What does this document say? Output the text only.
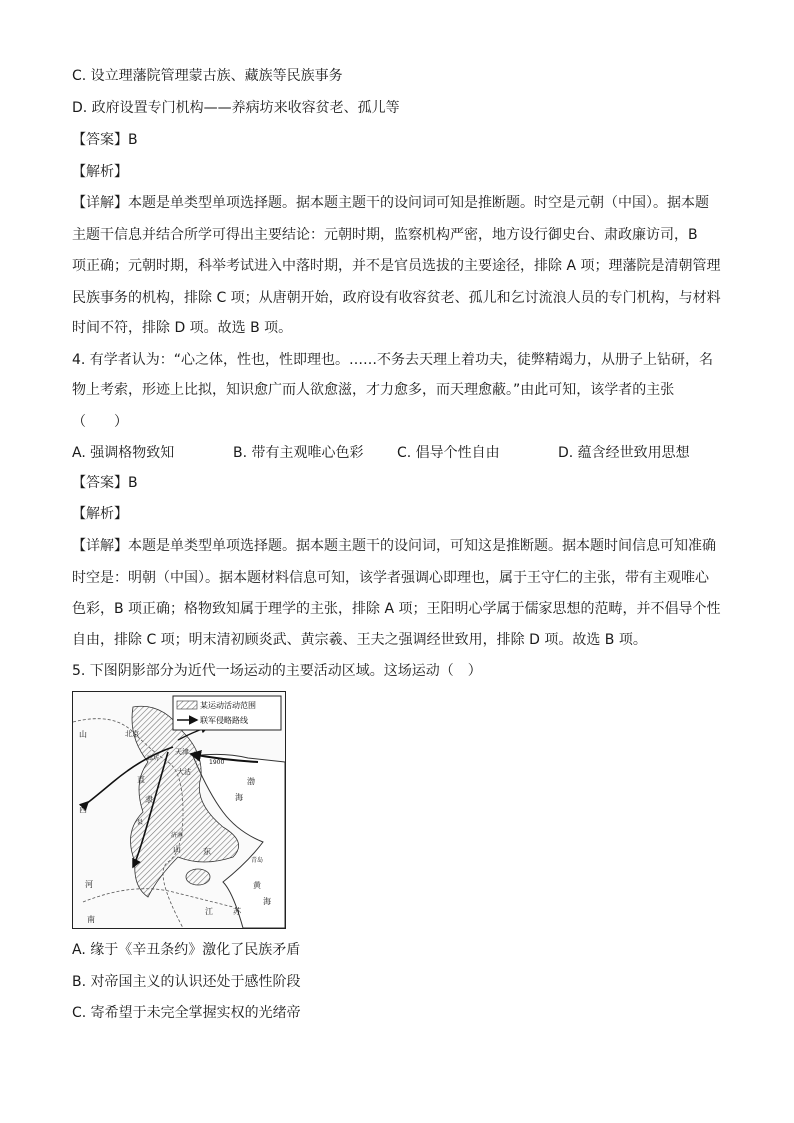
C. 设立理藩院管理蒙古族、藏族等民族事务
D. 政府设置专门机构——养病坊来收容贫老、孤儿等
【答案】B
【解析】
【详解】本题是单类型单项选择题。据本题主题干的设问词可知是推断题。时空是元朝（中国）。据本题
主题干信息并结合所学可得出主要结论：元朝时期，监察机构严密，地方设行御史台、肃政廉访司，B
项正确；元朝时期，科举考试进入中落时期，并不是官员选拔的主要途径，排除 A 项；理藩院是清朝管理
民族事务的机构，排除 C 项；从唐朝开始，政府设有收容贫老、孤儿和乞讨流浪人员的专门机构，与材料
时间不符，排除 D 项。故选 B 项。
4. 有学者认为：“心之体，性也，性即理也。……不务去天理上着功夫，徒弊精竭力，从册子上钻研，名
物上考索，形迹上比拟，知识愈广而人欲愈滋，才力愈多，而天理愈蔽。”由此可知，该学者的主张
（　　）
A. 强调格物致知	B. 带有主观唯心色彩 C. 倡导个性自由	D. 蕴含经世致用思想
【答案】B
【解析】
【详解】本题是单类型单项选择题。据本题主题干的设问词，可知这是推断题。据本题时间信息可知准确
时空是：明朝（中国）。据本题材料信息可知，该学者强调心即理也，属于王守仁的主张，带有主观唯心
色彩，B 项正确；格物致知属于理学的主张，排除 A 项；王阳明心学属于儒家思想的范畴，并不倡导个性
自由，排除 C 项；明末清初顾炎武、黄宗羲、王夫之强调经世致用，排除 D 项。故选 B 项。
5. 下图阴影部分为近代一场运动的主要活动区域。这场运动（　）
某运动活动范围
联军侵略路线
北京
天津
廊坊
大沽
1900
直
隶
渤
海
山
西
河
南
山	东
济南
青岛
江	苏
黄
海
县
A. 缘于《辛丑条约》激化了民族矛盾
B. 对帝国主义的认识还处于感性阶段
C. 寄希望于未完全掌握实权的光绪帝
